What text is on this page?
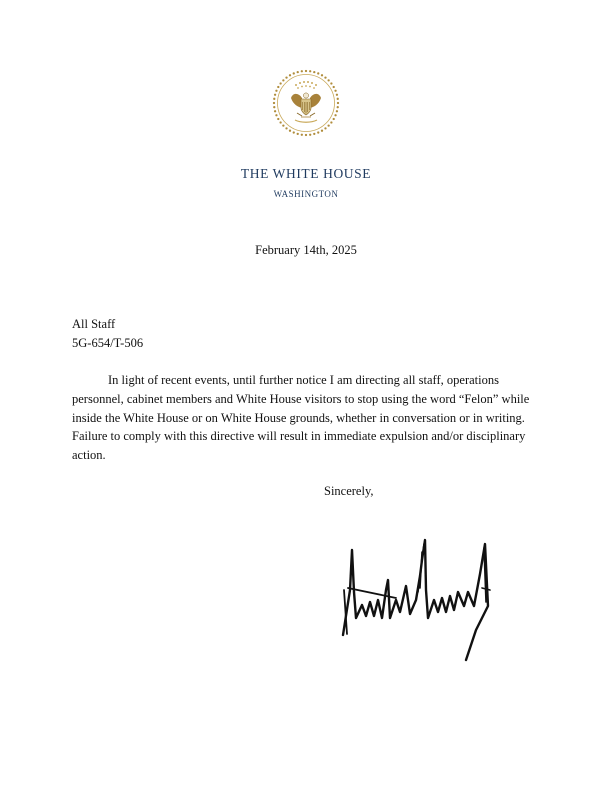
THE WHITE HOUSE
WASHINGTON
February 14th, 2025
All Staff
5G-654/T-506
In light of recent events, until further notice I am directing all staff, operations personnel, cabinet members and White House visitors to stop using the word “Felon” while inside the White House or on White House grounds, whether in conversation or in writing. Failure to comply with this directive will result in immediate expulsion and/or disciplinary action.
Sincerely,
